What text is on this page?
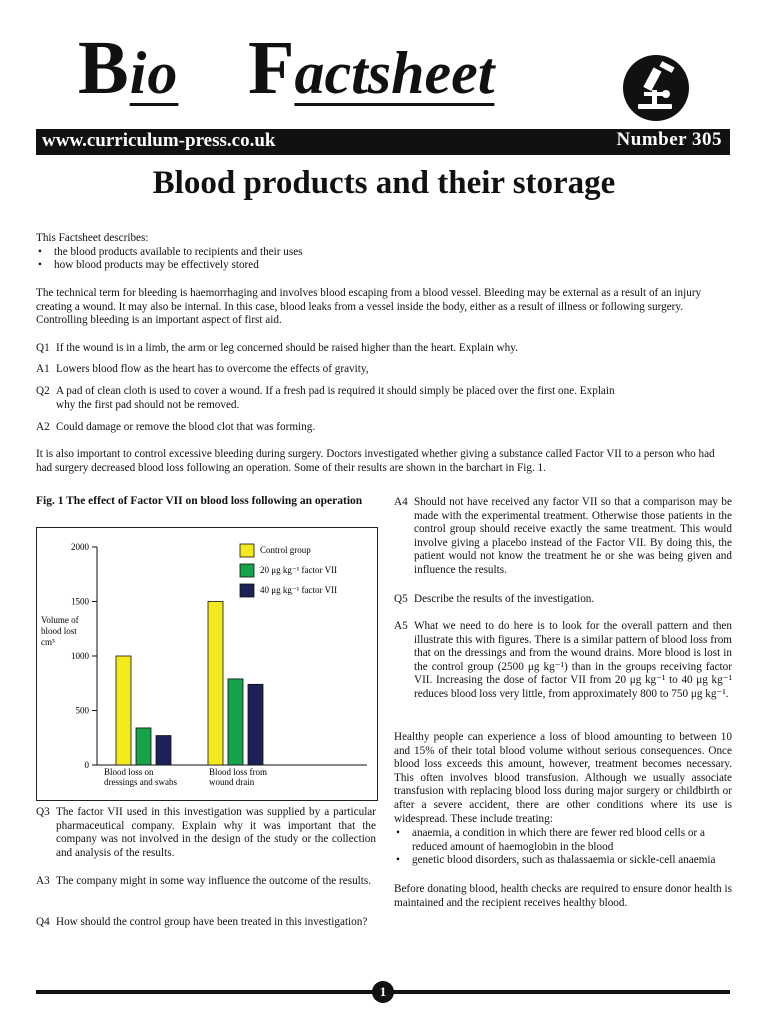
Bio Factsheet
www.curriculum-press.co.uk	Number 305
Blood products and their storage
This Factsheet describes:
• the blood products available to recipients and their uses
• how blood products may be effectively stored
The technical term for bleeding is haemorrhaging and involves blood escaping from a blood vessel. Bleeding may be external as a result of an injury creating a wound. It may also be internal. In this case, blood leaks from a vessel inside the body, either as a result of illness or following surgery. Controlling bleeding is an important aspect of first aid.
Q1 If the wound is in a limb, the arm or leg concerned should be raised higher than the heart. Explain why.
A1 Lowers blood flow as the heart has to overcome the effects of gravity,
Q2 A pad of clean cloth is used to cover a wound. If a fresh pad is required it should simply be placed over the first one. Explain why the first pad should not be removed.
A2 Could damage or remove the blood clot that was forming.
It is also important to control excessive bleeding during surgery. Doctors investigated whether giving a substance called Factor VII to a person who had had surgery decreased blood loss following an operation. Some of their results are shown in the barchart in Fig. 1.
Fig. 1 The effect of Factor VII on blood loss following an operation
0
500
1000
1500
2000
Volume of
blood lost
cm³
Blood loss on
dressings and swabs
Blood loss from
wound drain
Control group
20 μg kg⁻¹ factor VII
40 μg kg⁻¹ factor VII
Q3 The factor VII used in this investigation was supplied by a particular pharmaceutical company. Explain why it was important that the company was not involved in the design of the study or the collection and analysis of the results.
A3 The company might in some way influence the outcome of the results.
Q4 How should the control group have been treated in this investigation?
A4 Should not have received any factor VII so that a comparison may be made with the experimental treatment. Otherwise those patients in the control group should receive exactly the same treatment. This would involve giving a placebo instead of the Factor VII. By doing this, the patient would not know the treatment he or she was being given and influence the results.
Q5 Describe the results of the investigation.
A5 What we need to do here is to look for the overall pattern and then illustrate this with figures. There is a similar pattern of blood loss from that on the dressings and from the wound drains. More blood is lost in the control group (2500 μg kg⁻¹) than in the groups receiving factor VII. Increasing the dose of factor VII from 20 μg kg⁻¹ to 40 μg kg⁻¹ reduces blood loss very little, from approximately 800 to 750 μg kg⁻¹.
Healthy people can experience a loss of blood amounting to between 10 and 15% of their total blood volume without serious consequences. Once blood loss exceeds this amount, however, treatment becomes necessary. This often involves blood transfusion. Although we usually associate transfusion with replacing blood loss during major surgery or childbirth or after a severe accident, there are other conditions where its use is widespread. These include treating:
• anaemia, a condition in which there are fewer red blood cells or a reduced amount of haemoglobin in the blood
• genetic blood disorders, such as thalassaemia or sickle-cell anaemia
Before donating blood, health checks are required to ensure donor health is maintained and the recipient receives healthy blood.
1
